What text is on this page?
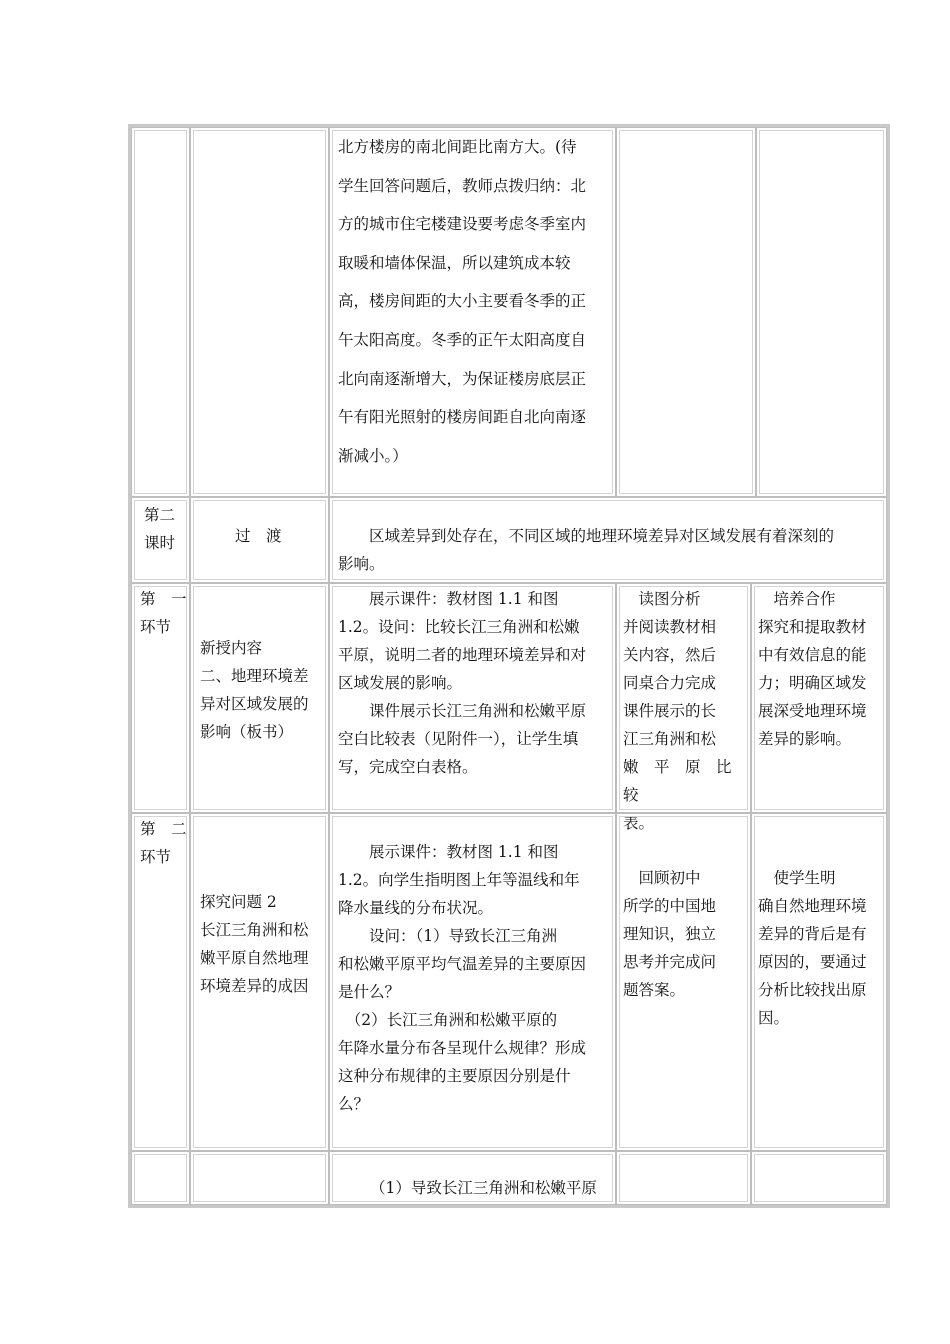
北方楼房的南北间距比南方大。(待
学生回答问题后，教师点拨归纳：北
方的城市住宅楼建设要考虑冬季室内
取暖和墙体保温，所以建筑成本较
高，楼房间距的大小主要看冬季的正
午太阳高度。冬季的正午太阳高度自
北向南逐渐增大，为保证楼房底层正
午有阳光照射的楼房间距自北向南逐
渐减小。）
第二
课时	过　渡	　　区域差异到处存在，不同区域的地理环境差异对区域发展有着深刻的
影响。
第　一
环节
新授内容
二、地理环境差
异对区域发展的
影响（板书）
　　展示课件：教材图 1.1 和图
1.2。设问：比较长江三角洲和松嫩
平原，说明二者的地理环境差异和对
区域发展的影响。
　　课件展示长江三角洲和松嫩平原
空白比较表（见附件一），让学生填
写，完成空白表格。
　读图分析
并阅读教材相
关内容，然后
同桌合力完成
课件展示的长
江三角洲和松
嫩　平　原　比　较
表。
　培养合作
探究和提取教材
中有效信息的能
力；明确区域发
展深受地理环境
差异的影响。
第　二
环节
探究问题 2
长江三角洲和松
嫩平原自然地理
环境差异的成因
　　展示课件：教材图 1.1 和图
1.2。向学生指明图上年等温线和年
降水量线的分布状况。
　　设问：（1）导致长江三角洲
和松嫩平原平均气温差异的主要原因
是什么？
　（2）长江三角洲和松嫩平原的
年降水量分布各呈现什么规律？形成
这种分布规律的主要原因分别是什
么？
　回顾初中
所学的中国地
理知识，独立
思考并完成问
题答案。
　使学生明
确自然地理环境
差异的背后是有
原因的，要通过
分析比较找出原
因。
（1）导致长江三角洲和松嫩平原
